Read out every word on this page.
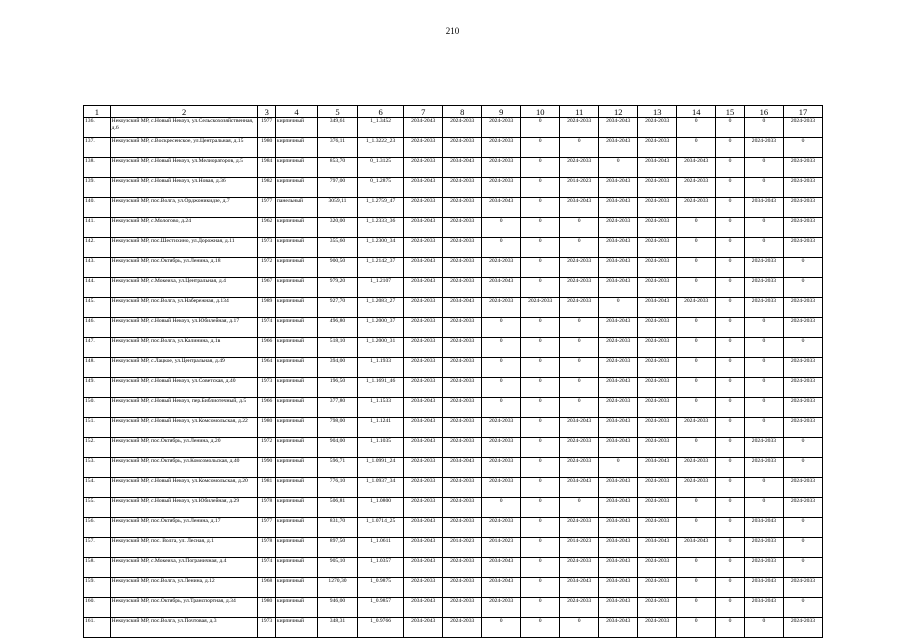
210
1	2	3	4	5	6	7	8	9	10	11	12	13	14	15	16	17
136.	Некоузский МР, с.Новый Некоуз, ул.Сельскохозяйственная, д.6	1977	кирпичный	349,61	1_1.3452	2034-2043	2024-2033	2024-2033	0	2024-2033	2034-2043	2024-2033	0	0	0	2024-2033
137.	Некоузский МР, с.Воскресенское, ул.Центральная, д.15	1980	кирпичный	376,11	1_1.3222_23	2024-2033	2024-2033	2024-2033	0	0	2034-2043	2024-2033	0	0	2024-2033	0
138.	Некоузский МР, с.Новый Некоуз, ул.Мелиораторов, д.5	1984	кирпичный	853,70	0_1.3125	2024-2033	2034-2043	2024-2033	0	2024-2033	0	2034-2043	2034-2043	0	0	2024-2033
139.	Некоузский МР, с.Новый Некоуз, ул.Новая, д.36	1982	кирпичный	797,00	0_1.2875	2034-2043	2024-2033	2024-2033	0	2014-2023	2034-2043	2024-2033	2024-2033	0	0	2024-2033
140.	Некоузский МР, пос.Волга, ул.Орджоникидзе, д.7	1977	панельный	3059,11	1_1.2759_47	2024-2033	2024-2033	2034-2043	0	2034-2043	2034-2043	2024-2033	2024-2033	0	2034-2043	2024-2033
141.	Некоузский МР, с.Мологово, д.24	1962	кирпичный	320,00	1_1.2333_36	2034-2043	2024-2033	0	0	0	2024-2033	2024-2033	0	0	0	2024-2033
142.	Некоузский МР, пос.Шестихино, ул.Дорожная, д.11	1973	кирпичный	355,60	1_1.2300_34	2024-2033	2024-2033	0	0	0	2034-2043	2024-2033	0	0	0	2024-2033
143.	Некоузский МР, пос.Октябрь, ул.Ленина, д.18	1972	кирпичный	900,50	1_1.2142_37	2034-2043	2024-2033	2024-2033	0	2024-2033	2034-2043	2024-2033	0	0	2024-2033	0
144.	Некоузский МР, с.Мокеиха, ул.Центральная, д.4	1967	кирпичный	979,20	1_1.2107	2034-2043	2024-2033	2034-2043	0	2024-2033	2034-2043	2024-2033	0	0	2024-2033	0
145.	Некоузский МР, пос.Волга, ул.Набережная, д.134	1989	кирпичный	927,70	1_1.2083_27	2024-2033	2034-2043	2024-2033	2024-2033	2024-2033	0	2034-2043	2024-2033	0	2024-2033	2024-2033
146.	Некоузский МР, с.Новый Некоуз, ул.Юбилейная, д.17	1974	кирпичный	496,80	1_1.2000_37	2024-2033	2024-2033	0	0	0	2034-2043	2024-2033	0	0	0	2024-2033
147.	Некоузский МР, пос.Волга, ул.Калинина, д.1в	1966	кирпичный	518,10	1_1.2000_31	2024-2033	2024-2033	0	0	0	2024-2033	2024-2033	0	0	0	0
148.	Некоузский МР, с.Лацкое, ул.Центральная, д.49	1964	кирпичный	394,00	1_1.1933	2024-2033	2024-2033	0	0	0	2024-2033	2024-2033	0	0	0	2024-2033
149.	Некоузский МР, с.Новый Некоуз, ул.Советская, д.40	1973	кирпичный	196,50	1_1.1691_46	2024-2033	2024-2033	0	0	0	2034-2043	2024-2033	0	0	0	2024-2033
150.	Некоузский МР, с.Новый Некоуз, пер.Библиотечный, д.5	1966	кирпичный	377,80	1_1.1533	2034-2043	2024-2033	0	0	0	2024-2033	2024-2033	0	0	0	2024-2033
151.	Некоузский МР, с.Новый Некоуз, ул.Комсомольская, д.22	1980	кирпичный	798,00	1_1.1241	2034-2043	2024-2033	2024-2033	0	2034-2043	2034-2043	2024-2033	2024-2033	0	0	2024-2033
152.	Некоузский МР, пос.Октябрь, ул.Ленина, д.20	1972	кирпичный	904,00	1_1.1035	2034-2043	2024-2033	2024-2033	0	2024-2033	2034-2043	2024-2033	0	0	2024-2033	0
153.	Некоузский МР, пос.Октябрь, ул.Комсомольская, д.40	1990	кирпичный	596,71	1_1.0991_24	2024-2033	2034-2043	2024-2033	0	2024-2033	0	2034-2043	2024-2033	0	2024-2033	0
154.	Некоузский МР, с.Новый Некоуз, ул.Комсомольская, д.20	1981	кирпичный	776,10	1_1.0937_34	2024-2033	2024-2033	2024-2033	0	2034-2043	2034-2043	2024-2033	2024-2033	0	0	2024-2033
155.	Некоузский МР, с.Новый Некоуз, ул.Юбилейная, д.29	1978	кирпичный	506,81	1_1.0800	2024-2033	2024-2033	0	0	0	2034-2043	2024-2033	0	0	0	2024-2033
156.	Некоузский МР, пос.Октябрь, ул.Ленина, д.17	1977	кирпичный	831,70	1_1.0714_25	2034-2043	2024-2033	2024-2033	0	2024-2033	2034-2043	2024-2033	0	0	2034-2043	0
157.	Некоузский МР, пос. Волга, ул. Лесная, д.1	1978	кирпичный	897,50	1_1.0611	2034-2043	2014-2023	2014-2023	0	2014-2023	2034-2043	2034-2043	2034-2043	0	2024-2033	0
158.	Некоузский МР, с.Мокеиха, ул.Пограничная, д.4	1974	кирпичный	905,10	1_1.0357	2034-2043	2024-2033	2034-2043	0	2024-2033	2034-2043	2024-2033	0	0	2024-2033	0
159.	Некоузский МР, пос.Волга, ул.Ленина, д.12	1968	кирпичный	1270,30	1_0.9875	2024-2033	2024-2033	2034-2043	0	2034-2043	2034-2043	2024-2033	0	0	2034-2043	2024-2033
160.	Некоузский МР, пос.Октябрь, ул.Транспортная, д.34	1980	кирпичный	946,00	1_0.9857	2034-2043	2024-2033	2024-2033	0	2024-2033	2034-2043	2024-2033	0	0	2034-2043	0
161.	Некоузский МР, пос.Волга, ул.Почтовая, д.3	1973	кирпичный	348,31	1_0.9766	2034-2043	2024-2033	0	0	0	2034-2043	2024-2033	0	0	0	2024-2033
